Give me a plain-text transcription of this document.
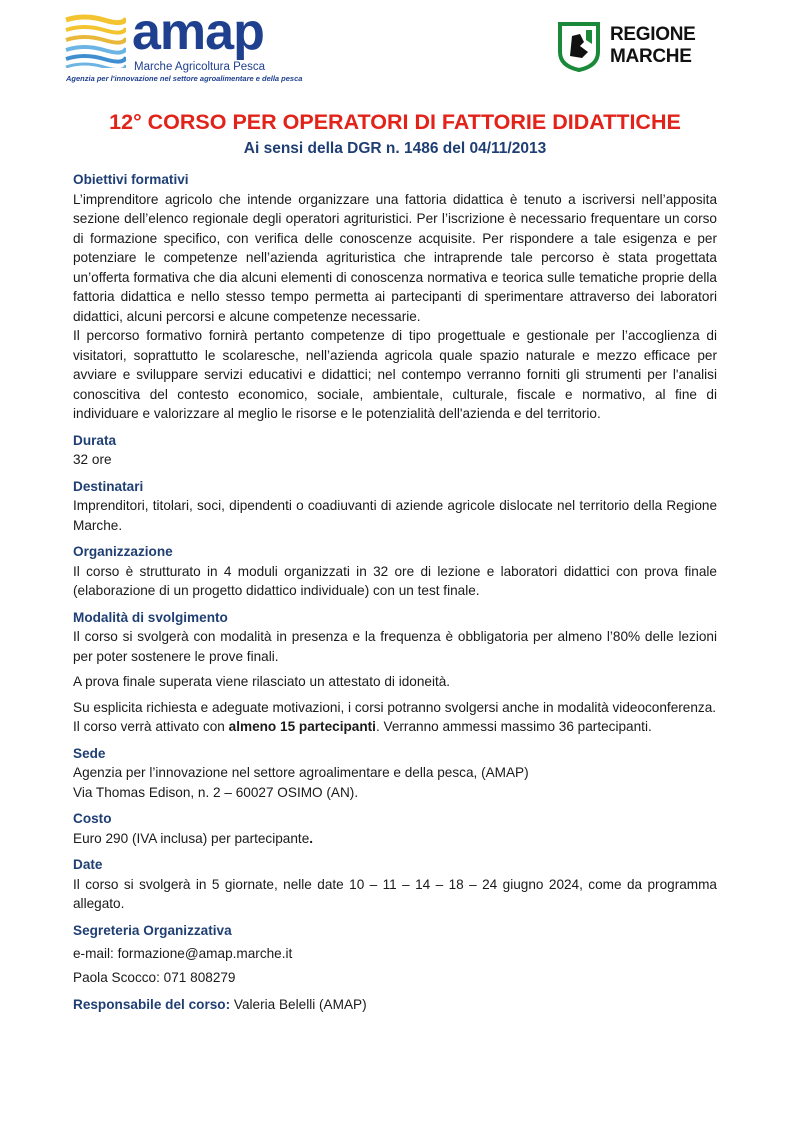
amap
Marche Agricoltura Pesca
Agenzia per l'innovazione nel settore agroalimentare e della pesca
REGIONE
MARCHE
12° CORSO PER OPERATORI DI FATTORIE DIDATTICHE
Ai sensi della DGR n. 1486 del 04/11/2013
Obiettivi formativi

L’imprenditore agricolo che intende organizzare una fattoria didattica è tenuto a iscriversi nell’apposita sezione dell’elenco regionale degli operatori agrituristici. Per l’iscrizione è necessario frequentare un corso di formazione specifico, con verifica delle conoscenze acquisite. Per rispondere a tale esigenza e per potenziare le competenze nell’azienda agrituristica che intraprende tale percorso è stata progettata un’offerta formativa che dia alcuni elementi di conoscenza normativa e teorica sulle tematiche proprie della fattoria didattica e nello stesso tempo permetta ai partecipanti di sperimentare attraverso dei laboratori didattici, alcuni percorsi e alcune competenze necessarie.

Il percorso formativo fornirà pertanto competenze di tipo progettuale e gestionale per l’accoglienza di visitatori, soprattutto le scolaresche, nell’azienda agricola quale spazio naturale e mezzo efficace per avviare e sviluppare servizi educativi e didattici; nel contempo verranno forniti gli strumenti per l'analisi conoscitiva del contesto economico, sociale, ambientale, culturale, fiscale e normativo, al fine di individuare e valorizzare al meglio le risorse e le potenzialità dell'azienda e del territorio.

Durata

32 ore

Destinatari

Imprenditori, titolari, soci, dipendenti o coadiuvanti di aziende agricole dislocate nel territorio della Regione Marche.

Organizzazione

Il corso è strutturato in 4 moduli organizzati in 32 ore di lezione e laboratori didattici con prova finale (elaborazione di un progetto didattico individuale) con un test finale.

Modalità di svolgimento

Il corso si svolgerà con modalità in presenza e la frequenza è obbligatoria per almeno l’80% delle lezioni per poter sostenere le prove finali.

A prova finale superata viene rilasciato un attestato di idoneità.

Su esplicita richiesta e adeguate motivazioni, i corsi potranno svolgersi anche in modalità videoconferenza.

Il corso verrà attivato con almeno 15 partecipanti. Verranno ammessi massimo 36 partecipanti.

Sede

Agenzia per l’innovazione nel settore agroalimentare e della pesca, (AMAP)

Via Thomas Edison, n. 2 – 60027 OSIMO (AN).

Costo

Euro 290 (IVA inclusa) per partecipante.

Date

Il corso si svolgerà in 5 giornate, nelle date 10 – 11 – 14 – 18 – 24 giugno 2024, come da programma allegato.

Segreteria Organizzativa

e-mail: formazione@amap.marche.it

Paola Scocco: 071 808279

Responsabile del corso: Valeria Belelli (AMAP)
